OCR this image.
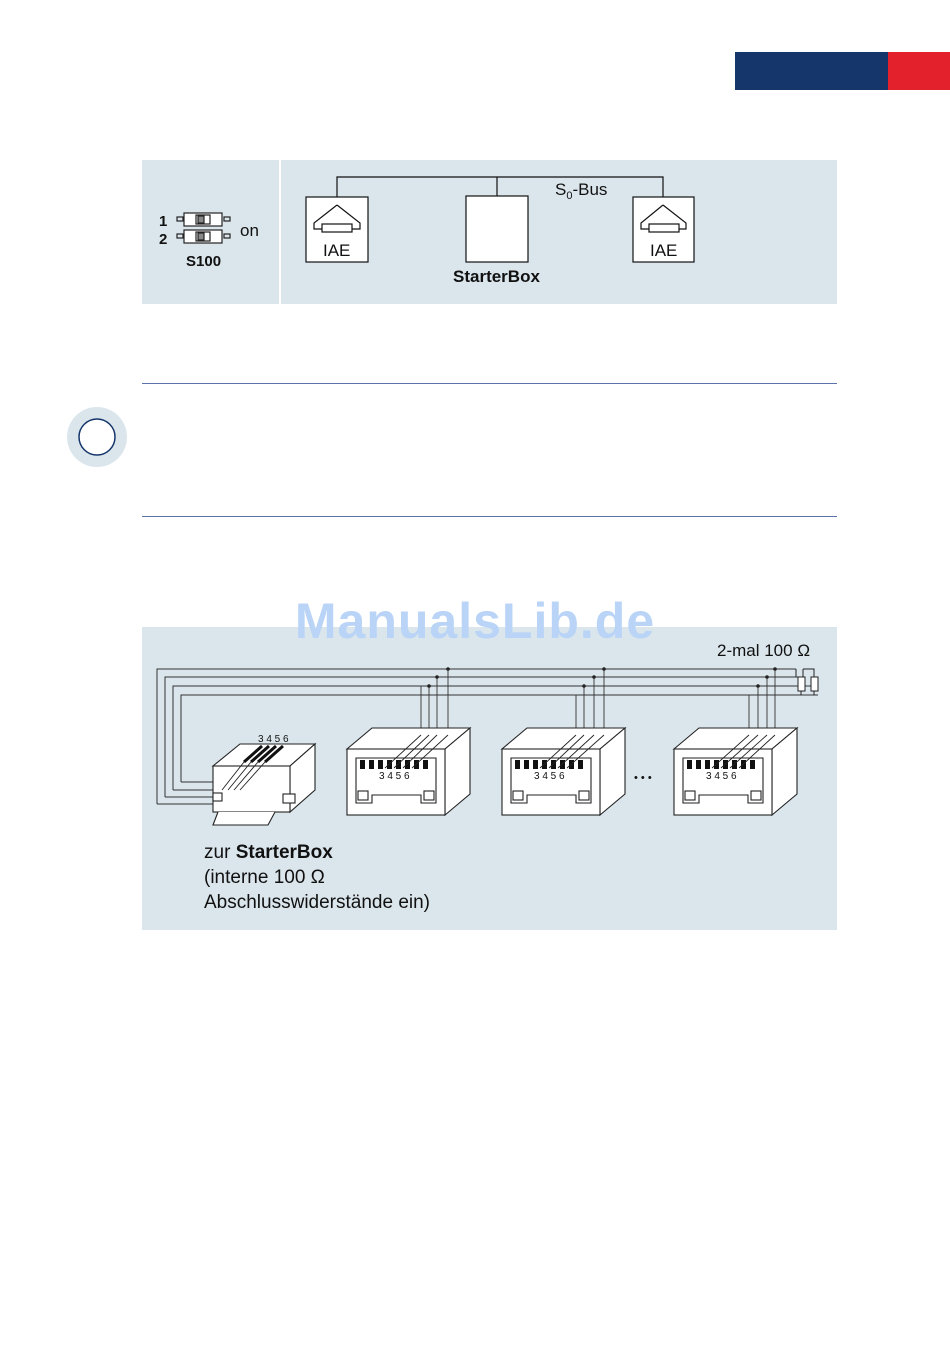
1
2	on
S100
$S_0$-Bus
IAE
StarterBox
IAE
ManualsLib.de
2-mal 100 Ω
3 4 5 6
3 4 5 6	3 4 5 6	• • •	3 4 5 6
zur StarterBox
(interne 100 Ω
Abschlusswiderstände ein)
